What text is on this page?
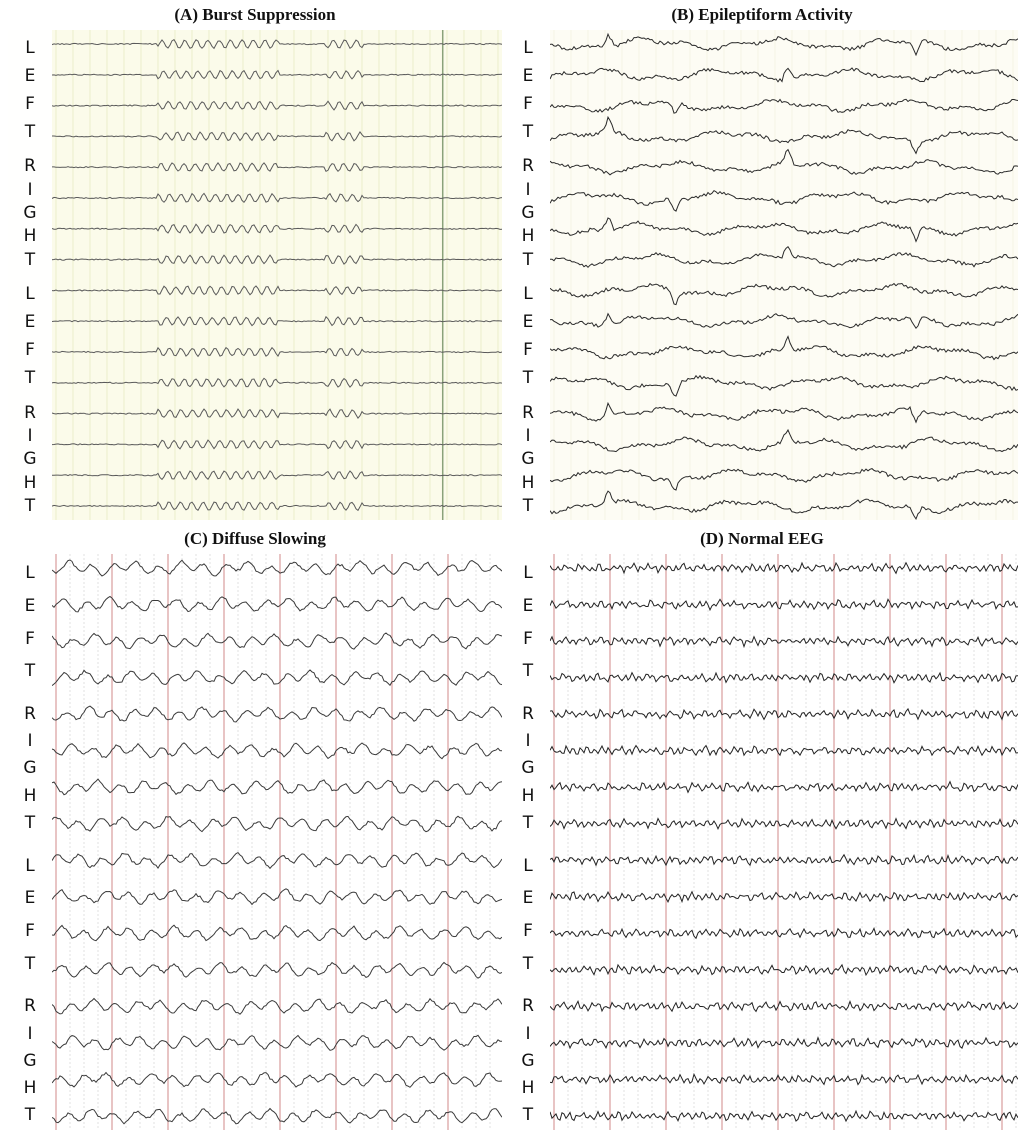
(A) Burst Suppression
L
E
F
T
R
I
G
H
T
L
E
F
T
R
I
G
H
T
(B) Epileptiform Activity
L
E
F
T
R
I
G
H
T
L
E
F
T
R
I
G
H
T
(C) Diffuse Slowing
L
E
F
T
R
I
G
H
T
L
E
F
T
R
I
G
H
T
(D) Normal EEG
L
E
F
T
R
I
G
H
T
L
E
F
T
R
I
G
H
T
